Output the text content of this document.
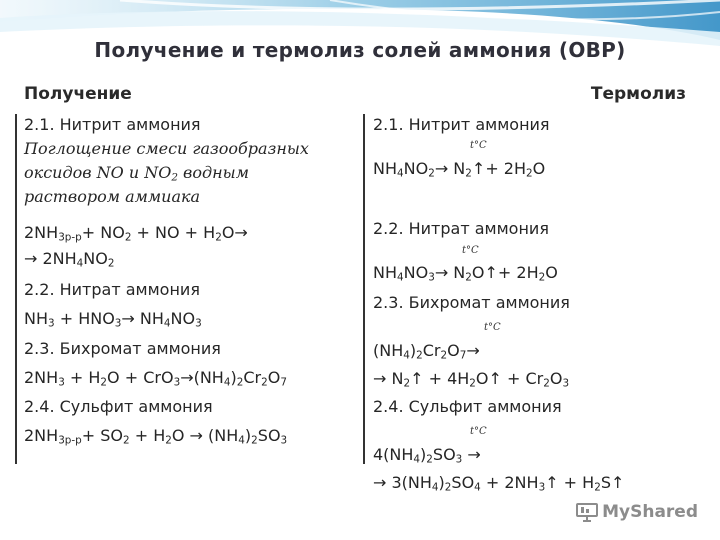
Получение и термолиз солей аммония (ОВР)
Получение	Термолиз
2.1. Нитрит аммония
Поглощение смеси газообразных
оксидов NO и $NO_2$ водным
раствором аммиака
$2NH_{3р-р}+ NO_2$ + NO + $H_2O\to$
→ $2NH_4NO_2$
2.2. Нитрат аммония
$NH_3 + HNO_3\to NH_4NO_3$
2.3. Бихромат аммония
$2NH_3 + H_2O + CrO_3\to(NH_4)_2Cr_2O_7$
2.4. Сульфит аммония
$2NH_{3р-р}+ SO_2 + H_2O \to (NH_4)_2SO_3$
2.1. Нитрит аммония
t°C
$NH_4NO_2\to$ $N_2↑+ 2H_2O$
2.2. Нитрат аммония
t°C
$NH_4NO_3\to$ $N_2O↑+ 2H_2O$
2.3. Бихромат аммония
t°C
$(NH_4)_2Cr_2O_7\to$
→ $N_2↑$ + $4H_2O↑ + Cr_2O_3$
2.4. Сульфит аммония
t°C
$4(NH_4)_2SO_3$ →
→ $3(NH_4)_2SO_4$ + $2NH_3↑$ + $H_2S↑$
MyShared
